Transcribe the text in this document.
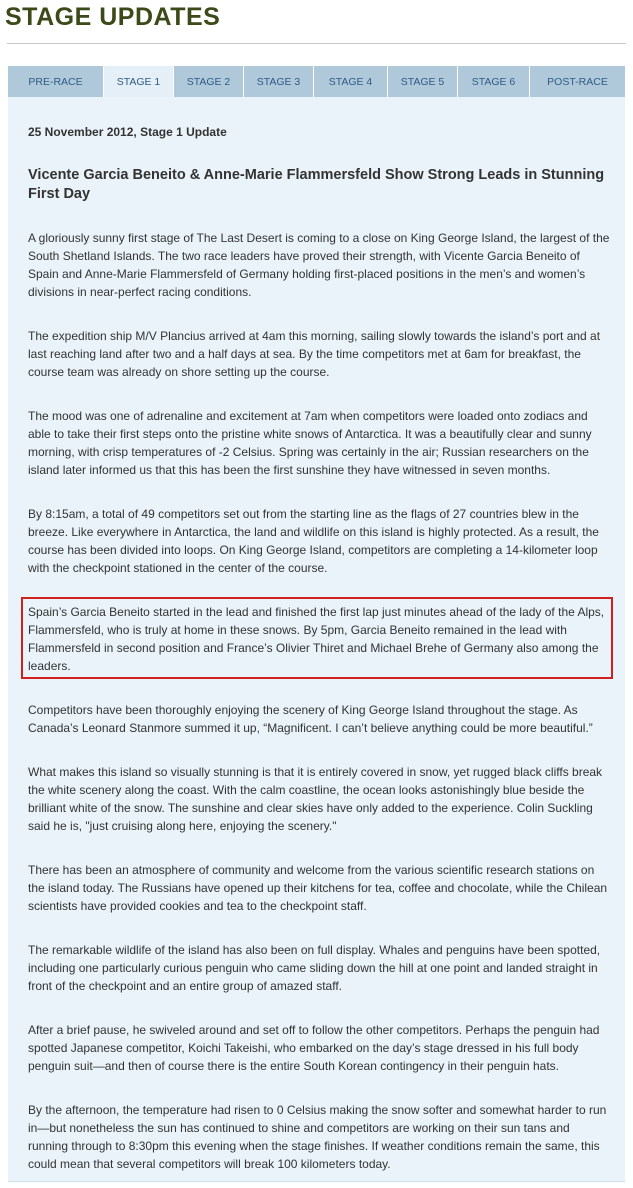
STAGE UPDATES
PRE-RACE	STAGE 1	STAGE 2	STAGE 3	STAGE 4	STAGE 5	STAGE 6	POST-RACE

25 November 2012, Stage 1 Update

Vicente Garcia Beneito & Anne-Marie Flammersfeld Show Strong Leads in Stunning First Day

A gloriously sunny first stage of The Last Desert is coming to a close on King George Island, the largest of the South Shetland Islands. The two race leaders have proved their strength, with Vicente Garcia Beneito of Spain and Anne-Marie Flammersfeld of Germany holding first-placed positions in the men’s and women’s divisions in near-perfect racing conditions.

The expedition ship M/V Plancius arrived at 4am this morning, sailing slowly towards the island’s port and at last reaching land after two and a half days at sea. By the time competitors met at 6am for breakfast, the course team was already on shore setting up the course.

The mood was one of adrenaline and excitement at 7am when competitors were loaded onto zodiacs and able to take their first steps onto the pristine white snows of Antarctica. It was a beautifully clear and sunny morning, with crisp temperatures of -2 Celsius. Spring was certainly in the air; Russian researchers on the island later informed us that this has been the first sunshine they have witnessed in seven months.

By 8:15am, a total of 49 competitors set out from the starting line as the flags of 27 countries blew in the breeze. Like everywhere in Antarctica, the land and wildlife on this island is highly protected. As a result, the course has been divided into loops. On King George Island, competitors are completing a 14-kilometer loop with the checkpoint stationed in the center of the course.

Spain’s Garcia Beneito started in the lead and finished the first lap just minutes ahead of the lady of the Alps, Flammersfeld, who is truly at home in these snows. By 5pm, Garcia Beneito remained in the lead with Flammersfeld in second position and France’s Olivier Thiret and Michael Brehe of Germany also among the leaders.

Competitors have been thoroughly enjoying the scenery of King George Island throughout the stage. As Canada’s Leonard Stanmore summed it up, “Magnificent. I can’t believe anything could be more beautiful.”

What makes this island so visually stunning is that it is entirely covered in snow, yet rugged black cliffs break the white scenery along the coast. With the calm coastline, the ocean looks astonishingly blue beside the brilliant white of the snow. The sunshine and clear skies have only added to the experience. Colin Suckling said he is, "just cruising along here, enjoying the scenery."

There has been an atmosphere of community and welcome from the various scientific research stations on the island today. The Russians have opened up their kitchens for tea, coffee and chocolate, while the Chilean scientists have provided cookies and tea to the checkpoint staff.

The remarkable wildlife of the island has also been on full display. Whales and penguins have been spotted, including one particularly curious penguin who came sliding down the hill at one point and landed straight in front of the checkpoint and an entire group of amazed staff.

After a brief pause, he swiveled around and set off to follow the other competitors. Perhaps the penguin had spotted Japanese competitor, Koichi Takeishi, who embarked on the day’s stage dressed in his full body penguin suit—and then of course there is the entire South Korean contingency in their penguin hats.

By the afternoon, the temperature had risen to 0 Celsius making the snow softer and somewhat harder to run in—but nonetheless the sun has continued to shine and competitors are working on their sun tans and running through to 8:30pm this evening when the stage finishes. If weather conditions remain the same, this could mean that several competitors will break 100 kilometers today.
